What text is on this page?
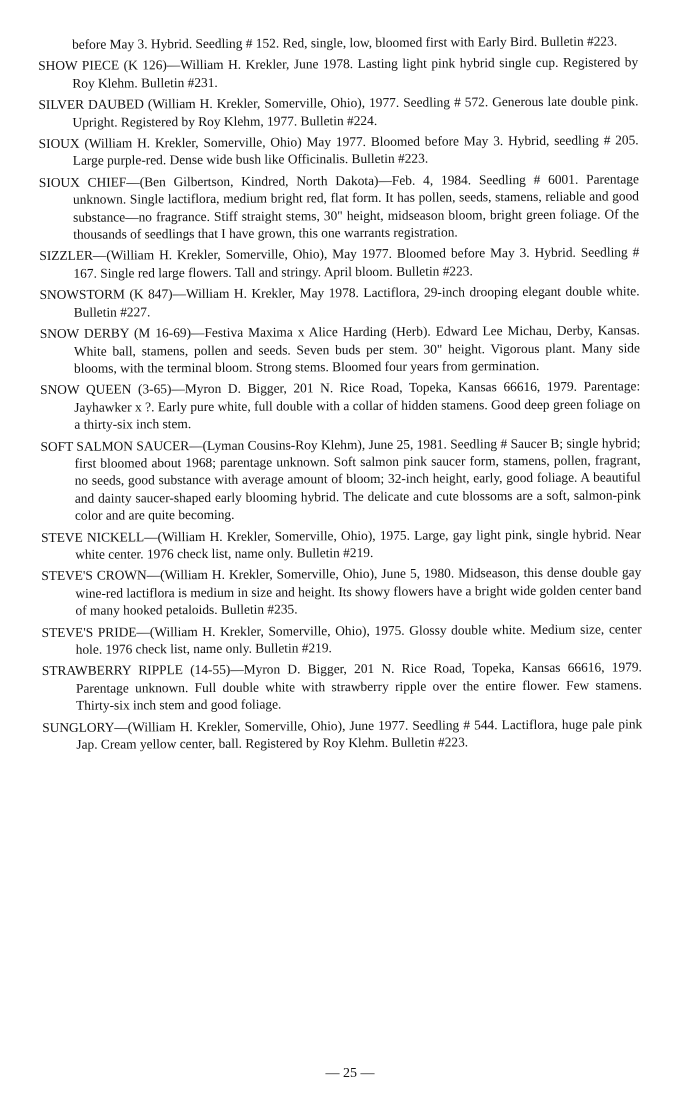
before May 3. Hybrid. Seedling # 152. Red, single, low, bloomed first with Early Bird. Bulletin #223.

SHOW PIECE (K 126)—William H. Krekler, June 1978. Lasting light pink hybrid single cup. Registered by Roy Klehm. Bulletin #231.

SILVER DAUBED (William H. Krekler, Somerville, Ohio), 1977. Seedling # 572. Generous late double pink. Upright. Registered by Roy Klehm, 1977. Bulletin #224.

SIOUX (William H. Krekler, Somerville, Ohio) May 1977. Bloomed before May 3. Hybrid, seedling # 205. Large purple-red. Dense wide bush like Officinalis. Bulletin #223.

SIOUX CHIEF—(Ben Gilbertson, Kindred, North Dakota)—Feb. 4, 1984. Seedling # 6001. Parentage unknown. Single lactiflora, medium bright red, flat form. It has pollen, seeds, stamens, reliable and good substance—no fragrance. Stiff straight stems, 30" height, midseason bloom, bright green foliage. Of the thousands of seedlings that I have grown, this one warrants registration.

SIZZLER—(William H. Krekler, Somerville, Ohio), May 1977. Bloomed before May 3. Hybrid. Seedling # 167. Single red large flowers. Tall and stringy. April bloom. Bulletin #223.

SNOWSTORM (K 847)—William H. Krekler, May 1978. Lactiflora, 29-inch drooping elegant double white. Bulletin #227.

SNOW DERBY (M 16-69)—Festiva Maxima x Alice Harding (Herb). Edward Lee Michau, Derby, Kansas. White ball, stamens, pollen and seeds. Seven buds per stem. 30" height. Vigorous plant. Many side blooms, with the terminal bloom. Strong stems. Bloomed four years from germination.

SNOW QUEEN (3-65)—Myron D. Bigger, 201 N. Rice Road, Topeka, Kansas 66616, 1979. Parentage: Jayhawker x ?. Early pure white, full double with a collar of hidden stamens. Good deep green foliage on a thirty-six inch stem.

SOFT SALMON SAUCER—(Lyman Cousins-Roy Klehm), June 25, 1981. Seedling # Saucer B; single hybrid; first bloomed about 1968; parentage unknown. Soft salmon pink saucer form, stamens, pollen, fragrant, no seeds, good substance with average amount of bloom; 32-inch height, early, good foliage. A beautiful and dainty saucer-shaped early blooming hybrid. The delicate and cute blossoms are a soft, salmon-pink color and are quite becoming.

STEVE NICKELL—(William H. Krekler, Somerville, Ohio), 1975. Large, gay light pink, single hybrid. Near white center. 1976 check list, name only. Bulletin #219.

STEVE'S CROWN—(William H. Krekler, Somerville, Ohio), June 5, 1980. Midseason, this dense double gay wine-red lactiflora is medium in size and height. Its showy flowers have a bright wide golden center band of many hooked petaloids. Bulletin #235.

STEVE'S PRIDE—(William H. Krekler, Somerville, Ohio), 1975. Glossy double white. Medium size, center hole. 1976 check list, name only. Bulletin #219.

STRAWBERRY RIPPLE (14-55)—Myron D. Bigger, 201 N. Rice Road, Topeka, Kansas 66616, 1979. Parentage unknown. Full double white with strawberry ripple over the entire flower. Few stamens. Thirty-six inch stem and good foliage.

SUNGLORY—(William H. Krekler, Somerville, Ohio), June 1977. Seedling # 544. Lactiflora, huge pale pink Jap. Cream yellow center, ball. Registered by Roy Klehm. Bulletin #223.

— 25 —
